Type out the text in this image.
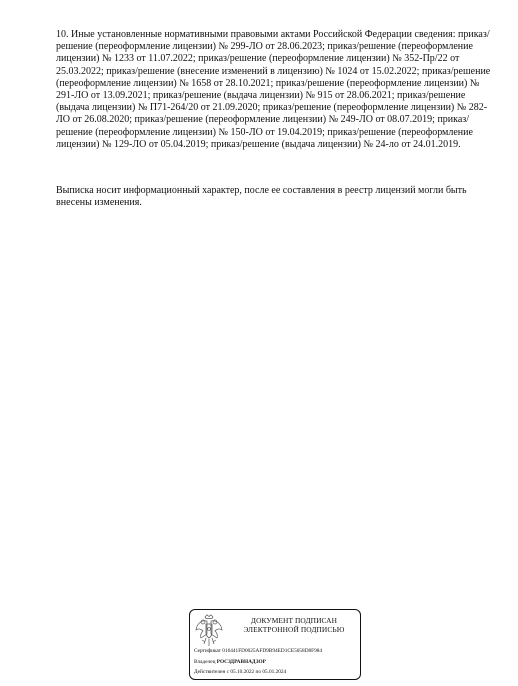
10. Иные установленные нормативными правовыми актами Российской Федерации сведения: приказ/решение (переоформление лицензии) № 299-ЛО от 28.06.2023; приказ/решение (переоформление лицензии) № 1233 от 11.07.2022; приказ/решение (переоформление лицензии) № 352-Пр/22 от 25.03.2022; приказ/решение (внесение изменений в лицензию) № 1024 от 15.02.2022; приказ/решение (переоформление лицензии) № 1658 от 28.10.2021; приказ/решение (переоформление лицензии) № 291-ЛО от 13.09.2021; приказ/решение (выдача лицензии) № 915 от 28.06.2021; приказ/решение (выдача лицензии) № П71-264/20 от 21.09.2020; приказ/решение (переоформление лицензии) № 282-ЛО от 26.08.2020; приказ/решение (переоформление лицензии) № 249-ЛО от 08.07.2019; приказ/решение (переоформление лицензии) № 150-ЛО от 19.04.2019; приказ/решение (переоформление лицензии) № 129-ЛО от 05.04.2019; приказ/решение (выдача лицензии) № 24-ло от 24.01.2019.

Выписка носит информационный характер, после ее составления в реестр лицензий могли быть внесены изменения.

ДОКУМЕНТ ПОДПИСАН
ЭЛЕКТРОННОЙ ПОДПИСЬЮ
Сертификат 016441FD0025AFD9B94ED1CE5058D8F984
Владелец РОСЗДРАВНАДЗОР
Действителен с 05.10.2022 по 05.01.2024
